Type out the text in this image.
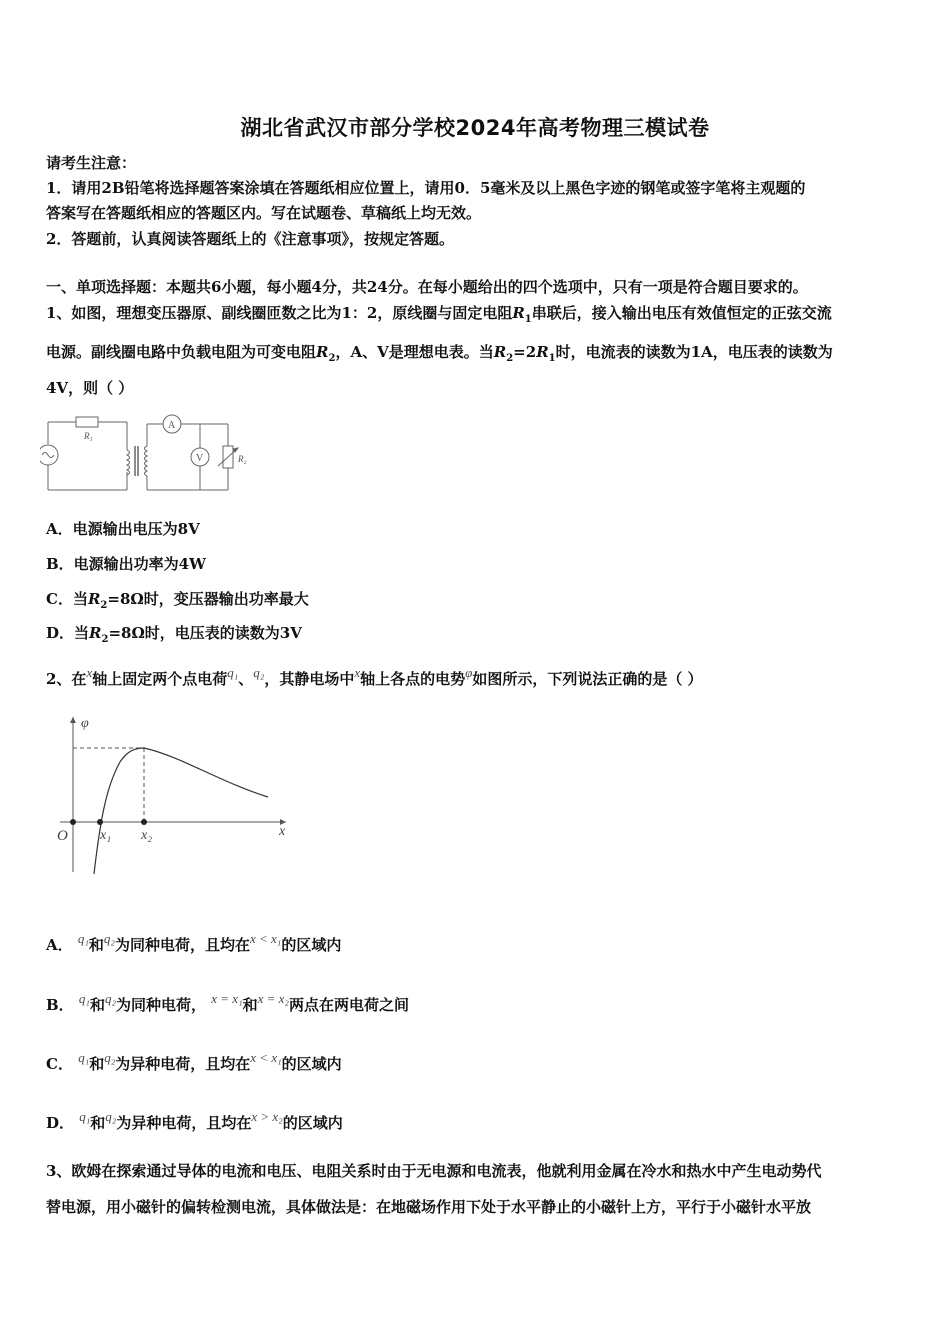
湖北省武汉市部分学校2024年高考物理三模试卷
请考生注意：
1．请用2B铅笔将选择题答案涂填在答题纸相应位置上，请用0．5毫米及以上黑色字迹的钢笔或签字笔将主观题的
答案写在答题纸相应的答题区内。写在试题卷、草稿纸上均无效。
2．答题前，认真阅读答题纸上的《注意事项》，按规定答题。
一、单项选择题：本题共6小题，每小题4分，共24分。在每小题给出的四个选项中，只有一项是符合题目要求的。
1、如图，理想变压器原、副线圈匝数之比为1：2，原线圈与固定电阻$R_1$串联后，接入输出电压有效值恒定的正弦交流
电源。副线圈电路中负载电阻为可变电阻$R_2$，A、V是理想电表。当$R_2=2R_1$时，电流表的读数为1A，电压表的读数为
4V，则（ ）
R₁
A
V	R₂
A．电源输出电压为8V
B．电源输出功率为4W
C．当$R_2=8\Omega$时，变压器输出功率最大
D．当$R_2=8\Omega$时，电压表的读数为3V
2、在x轴上固定两个点电荷q₁、q₂，其静电场中x轴上各点的电势φ如图所示，下列说法正确的是（ ）
φ
O x₁ x₂	x
A． q₁和q₂为同种电荷，且均在x < x₁的区域内
B． q₁和q₂为同种电荷， x = x₁和x = x₂两点在两电荷之间
C． q₁和q₂为异种电荷，且均在x < x₁的区域内
D． q₁和q₂为异种电荷，且均在x > x₂的区域内
3、欧姆在探索通过导体的电流和电压、电阻关系时由于无电源和电流表，他就利用金属在冷水和热水中产生电动势代
替电源，用小磁针的偏转检测电流，具体做法是：在地磁场作用下处于水平静止的小磁针上方，平行于小磁针水平放
